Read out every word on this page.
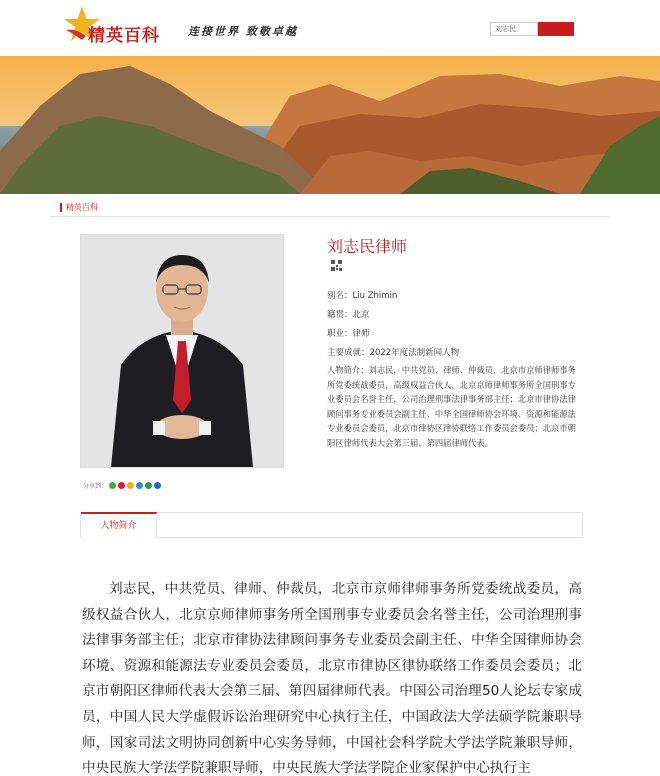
精英百科	连接世界 致敬卓越
刘志民
精英百科
刘志民律师
别名：Liu Zhimin
籍贯：北京
职业：律师
主要成就：2022年度法制新闻人物
人物简介：刘志民，中共党员、律师、仲裁员，北京市京师律师事务所党委统战委员，高级权益合伙人，北京京师律师事务所全国刑事专业委员会名誉主任，公司治理刑事法律事务部主任；北京市律协法律顾问事务专业委员会副主任、中华全国律师协会环境、资源和能源法专业委员会委员，北京市律协区律协联络工作委员会委员；北京市朝阳区律师代表大会第三届、第四届律师代表。
分享到：
人物简介
刘志民，中共党员、律师、仲裁员，北京市京师律师事务所党委统战委员，高级权益合伙人，北京京师律师事务所全国刑事专业委员会名誉主任，公司治理刑事法律事务部主任；北京市律协法律顾问事务专业委员会副主任、中华全国律师协会环境、资源和能源法专业委员会委员，北京市律协区律协联络工作委员会委员；北京市朝阳区律师代表大会第三届、第四届律师代表。中国公司治理50人论坛专家成员，中国人民大学虚假诉讼治理研究中心执行主任，中国政法大学法硕学院兼职导师，国家司法文明协同创新中心实务导师，中国社会科学院大学法学院兼职导师，中央民族大学法学院兼职导师，中央民族大学法学院企业家保护中心执行主
